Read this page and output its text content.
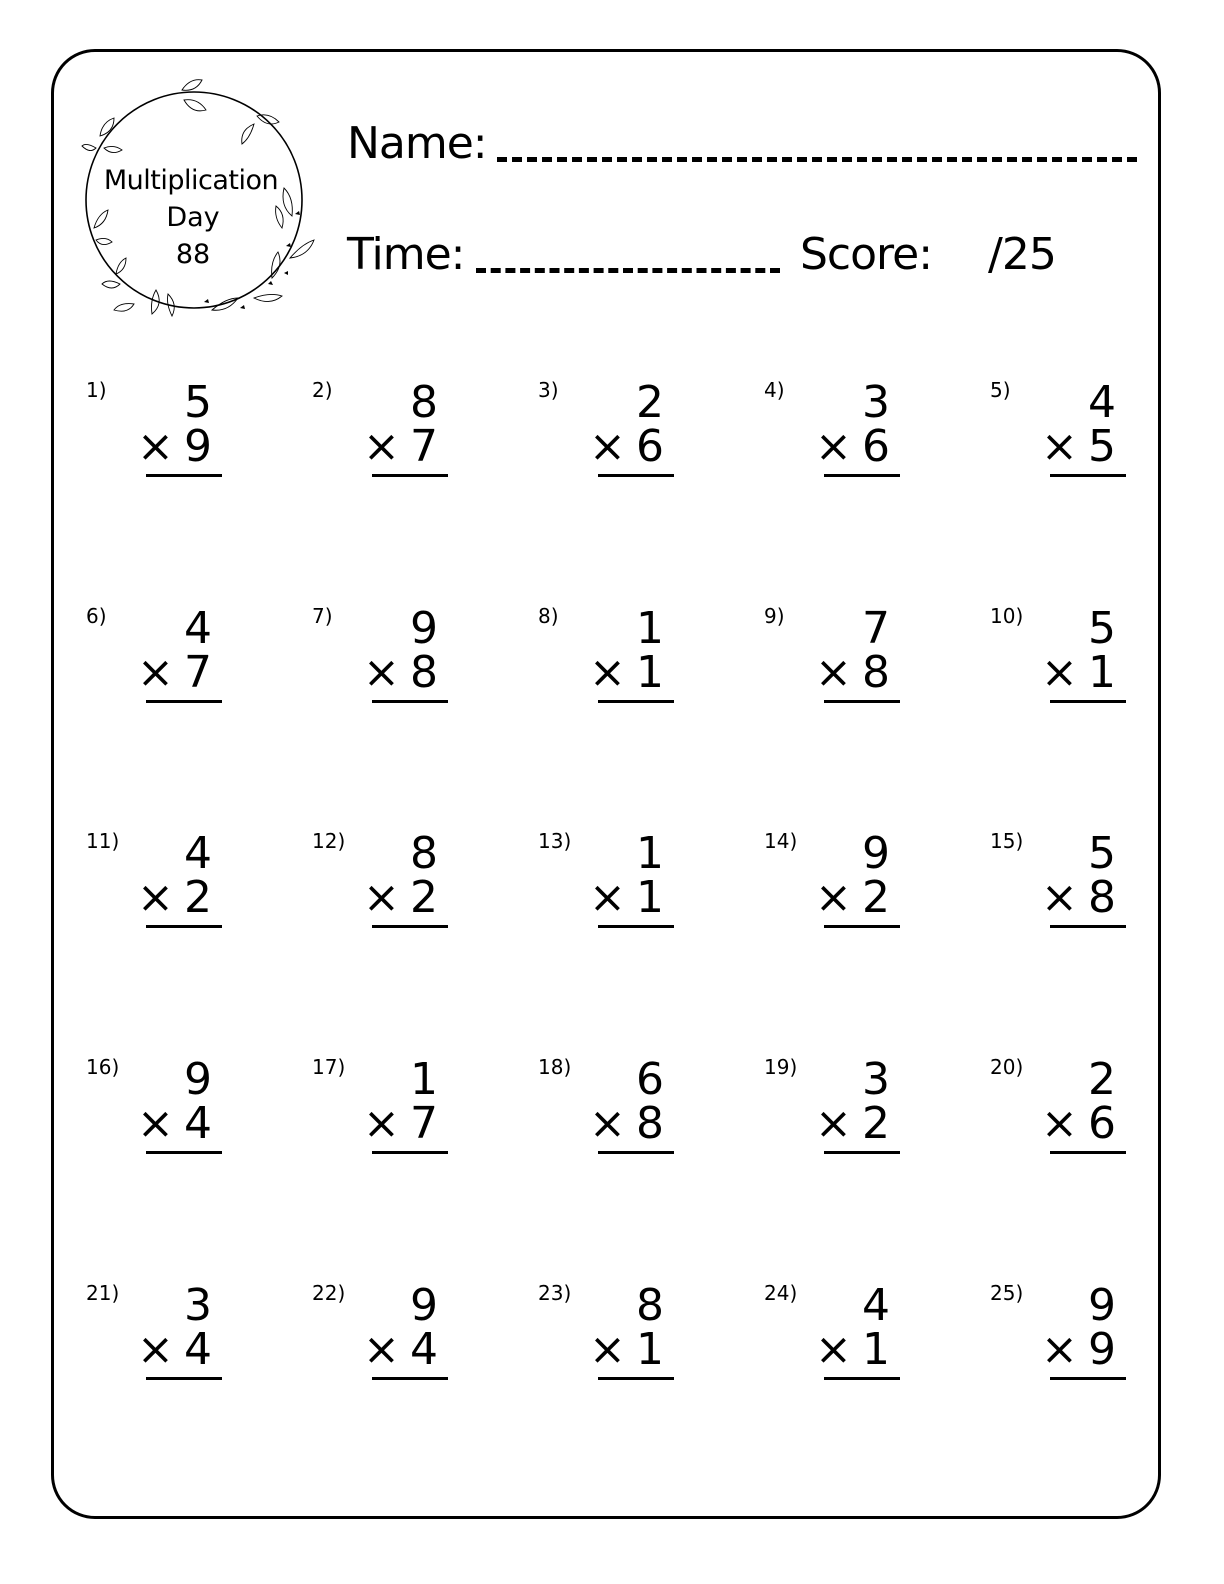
Multiplication
Day
88
Name:
Time:	Score: /25
1) 5
× 9
2) 8
× 7
3) 2
× 6
4) 3
× 6
5) 4
× 5
6) 4
× 7
7) 9
× 8
8) 1
× 1
9) 7
× 8
10) 5
× 1
11) 4
× 2
12) 8
× 2
13) 1
× 1
14) 9
× 2
15) 5
× 8
16) 9
× 4
17) 1
× 7
18) 6
× 8
19) 3
× 2
20) 2
× 6
21) 3
× 4
22) 9
× 4
23) 8
× 1
24) 4
× 1
25) 9
× 9
